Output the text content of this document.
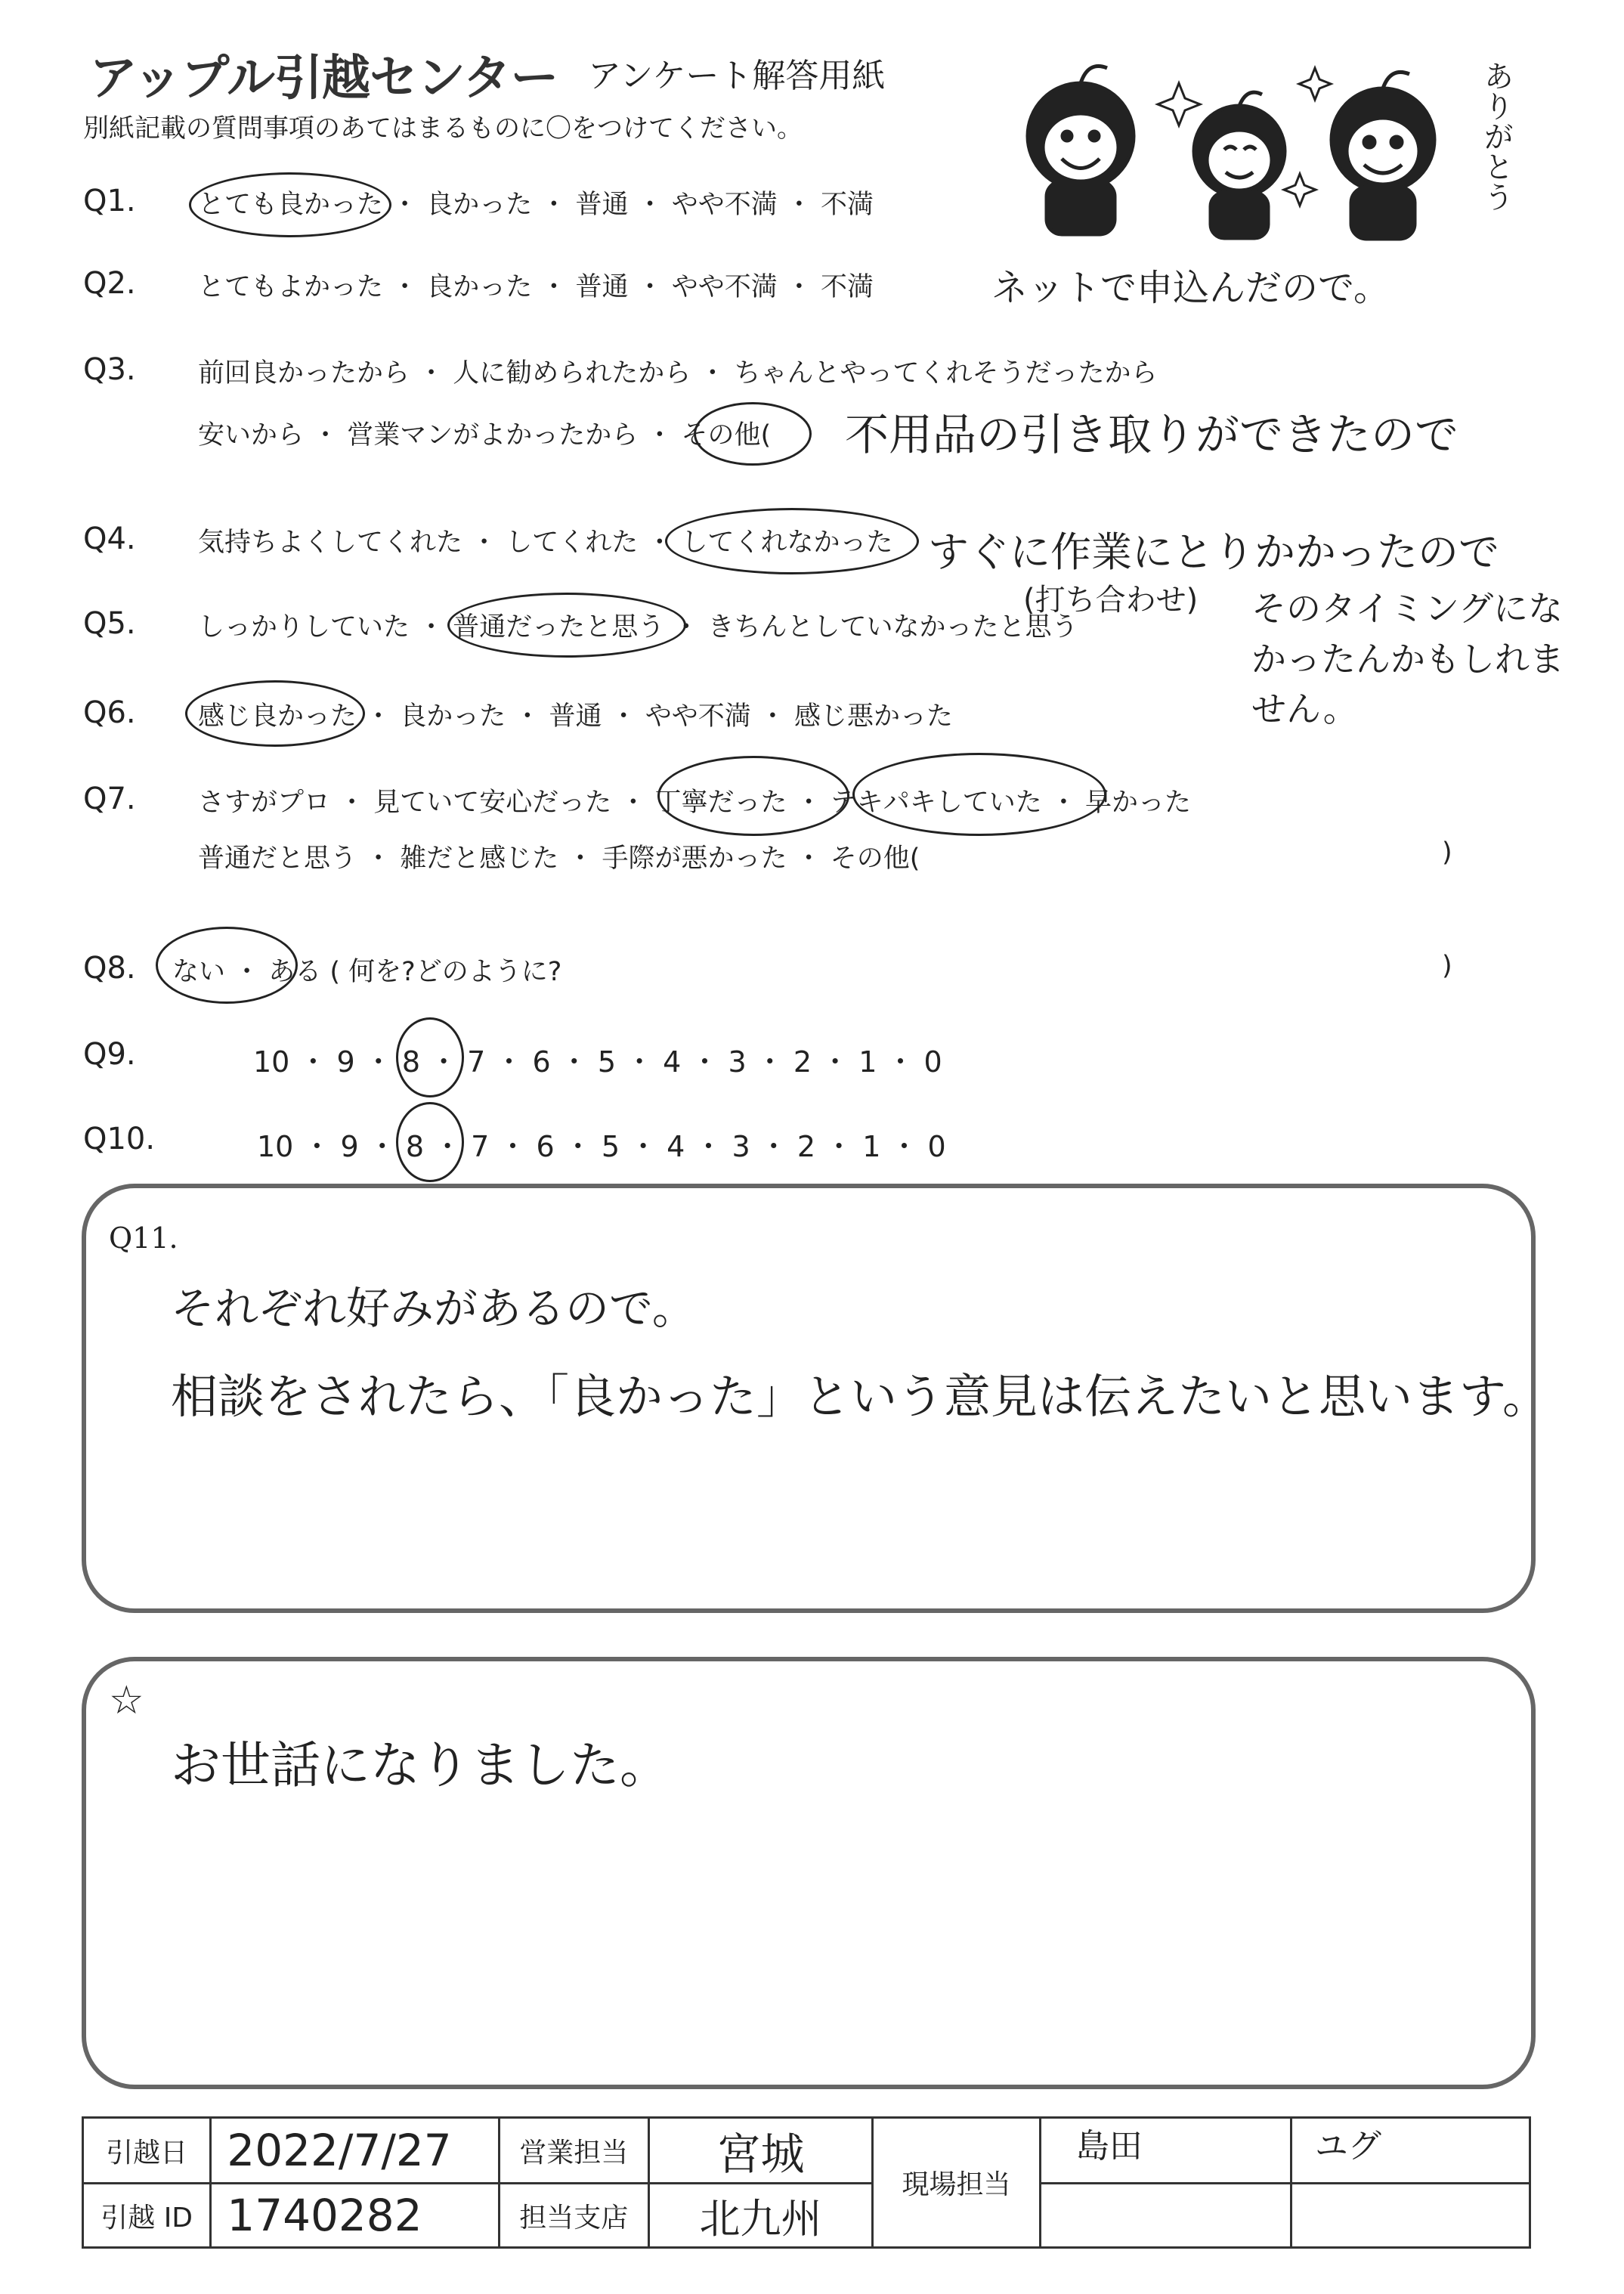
アップル引越センター アンケート解答用紙
別紙記載の質問事項のあてはまるものに〇をつけてください。	ありがとう
Q1. とても良かった ・ 良かった ・ 普通 ・ やや不満 ・ 不満
Q2. とてもよかった ・ 良かった ・ 普通 ・ やや不満 ・ 不満	ネットで申込んだので。
Q3. 前回良かったから ・ 人に勧められたから ・ ちゃんとやってくれそうだったから
安いから ・ 営業マンがよかったから ・ その他( 不用品の引き取りができたので
Q4. 気持ちよくしてくれた ・ してくれた ・ してくれなかった すぐに作業にとりかかったので
Q5. しっかりしていた ・ 普通だったと思う ・ きちんとしていなかったと思う
(打ち合わせ) そのタイミングになかったんかもしれません。
Q6. 感じ良かった ・ 良かった ・ 普通 ・ やや不満 ・ 感じ悪かった
Q7. さすがプロ ・ 見ていて安心だった ・ 丁寧だった ・ テキパキしていた ・ 早かった
普通だと思う ・ 雑だと感じた ・ 手際が悪かった ・ その他(	)
Q8. ない ・ ある ( 何を?どのように?	)
Q9.	10 ・ 9 ・ 8 ・ 7 ・ 6 ・ 5 ・ 4 ・ 3 ・ 2 ・ 1 ・ 0
Q10.	10 ・ 9 ・ 8 ・ 7 ・ 6 ・ 5 ・ 4 ・ 3 ・ 2 ・ 1 ・ 0
Q11.
それぞれ好みがあるので。
相談をされたら、「良かった」という意見は伝えたいと思います。
☆
お世話になりました。
引越日	2022/7/27	営業担当	宮城	現場担当	島田	ユグ
引越 ID	1740282	担当支店	北九州			
